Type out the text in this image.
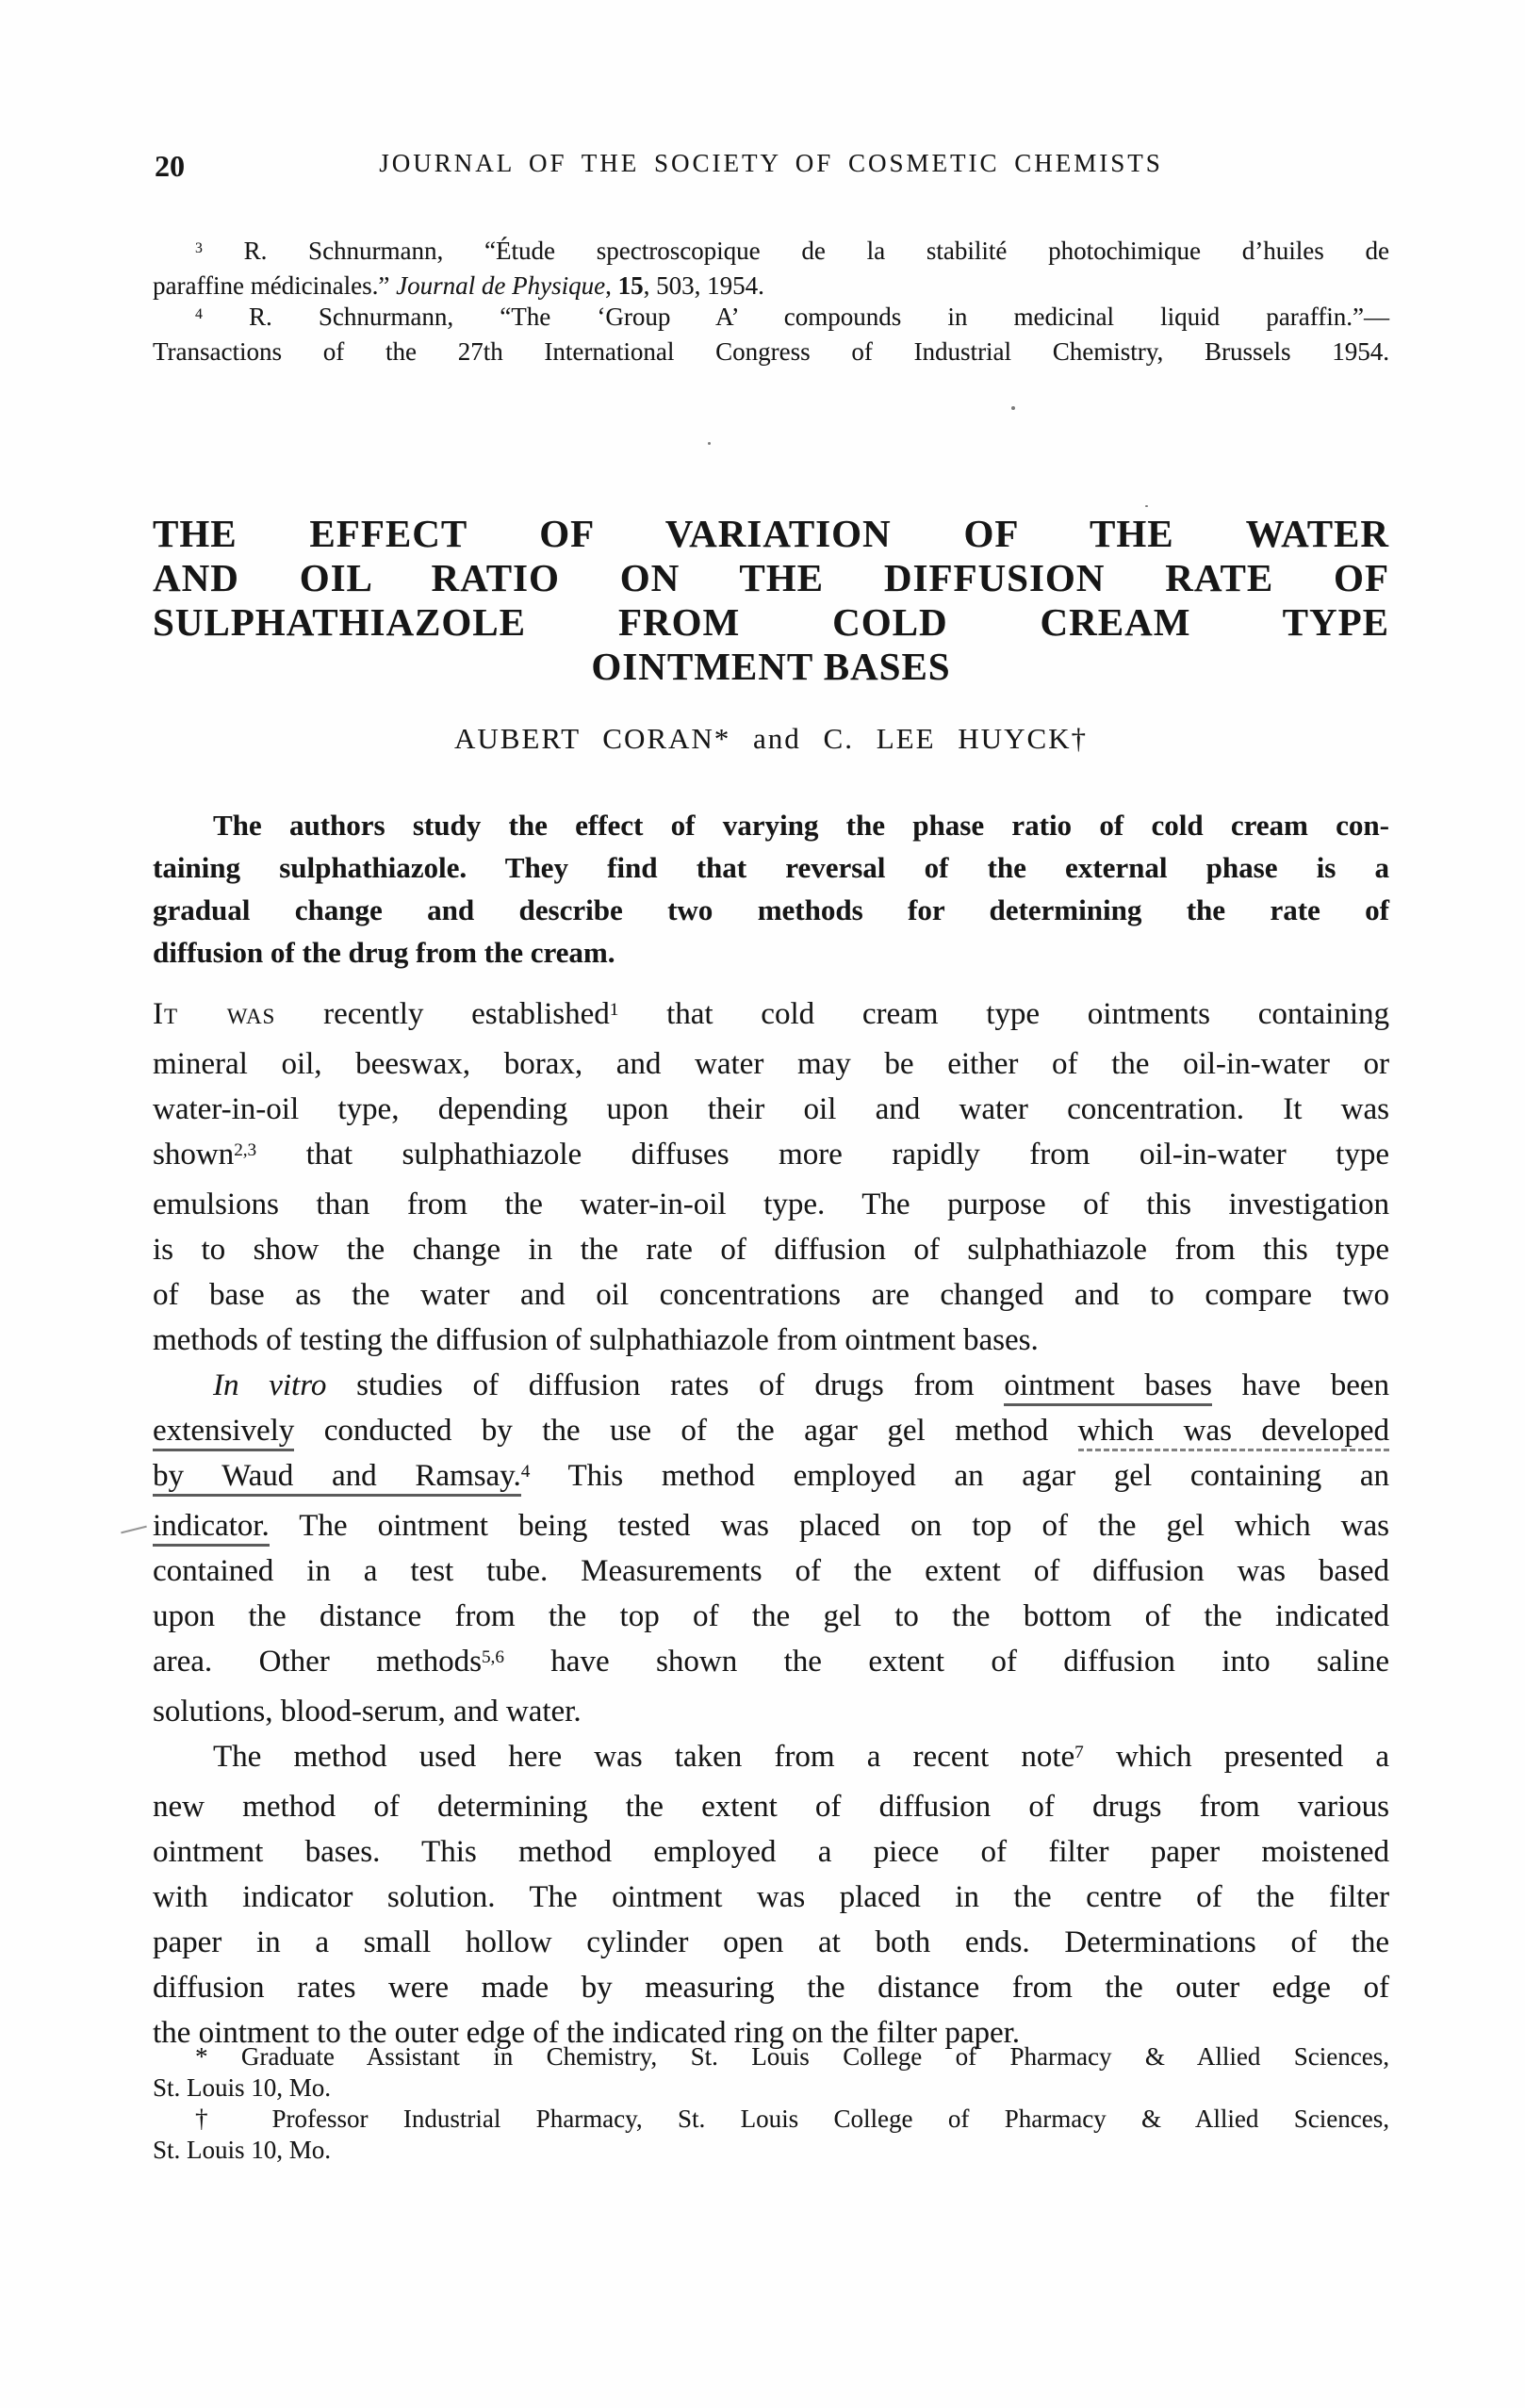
20	JOURNAL OF THE SOCIETY OF COSMETIC CHEMISTS
$^3$ R. Schnurmann, “Étude spectroscopique de la stabilité photochimique d’huiles de
paraffine médicinales.” Journal de Physique, 15, 503, 1954.
$^4$ R. Schnurmann, “The ‘Group A’ compounds in medicinal liquid paraffin.”—
Transactions of the 27th International Congress of Industrial Chemistry, Brussels 1954.
THE EFFECT OF VARIATION OF THE WATER
AND OIL RATIO ON THE DIFFUSION RATE OF
SULPHATHIAZOLE FROM COLD CREAM TYPE
OINTMENT BASES
AUBERT CORAN* and C. LEE HUYCK†
The authors study the effect of varying the phase ratio of cold cream con-
taining sulphathiazole. They find that reversal of the external phase is a
gradual change and describe two methods for determining the rate of
diffusion of the drug from the cream.
It was recently established$^1$ that cold cream type ointments containing
mineral oil, beeswax, borax, and water may be either of the oil-in-water or
water-in-oil type, depending upon their oil and water concentration. It was
shown$^{2,3}$ that sulphathiazole diffuses more rapidly from oil-in-water type
emulsions than from the water-in-oil type. The purpose of this investigation
is to show the change in the rate of diffusion of sulphathiazole from this type
of base as the water and oil concentrations are changed and to compare two
methods of testing the diffusion of sulphathiazole from ointment bases.
In vitro studies of diffusion rates of drugs from ointment bases have been
extensively conducted by the use of the agar gel method which was developed
by Waud and Ramsay.$^4$ This method employed an agar gel containing an
indicator. The ointment being tested was placed on top of the gel which was
contained in a test tube. Measurements of the extent of diffusion was based
upon the distance from the top of the gel to the bottom of the indicated
area. Other methods$^{5,6}$ have shown the extent of diffusion into saline
solutions, blood-serum, and water.
The method used here was taken from a recent note$^7$ which presented a
new method of determining the extent of diffusion of drugs from various
ointment bases. This method employed a piece of filter paper moistened
with indicator solution. The ointment was placed in the centre of the filter
paper in a small hollow cylinder open at both ends. Determinations of the
diffusion rates were made by measuring the distance from the outer edge of
the ointment to the outer edge of the indicated ring on the filter paper.
* Graduate Assistant in Chemistry, St. Louis College of Pharmacy & Allied Sciences,
St. Louis 10, Mo.
† Professor Industrial Pharmacy, St. Louis College of Pharmacy & Allied Sciences,
St. Louis 10, Mo.
